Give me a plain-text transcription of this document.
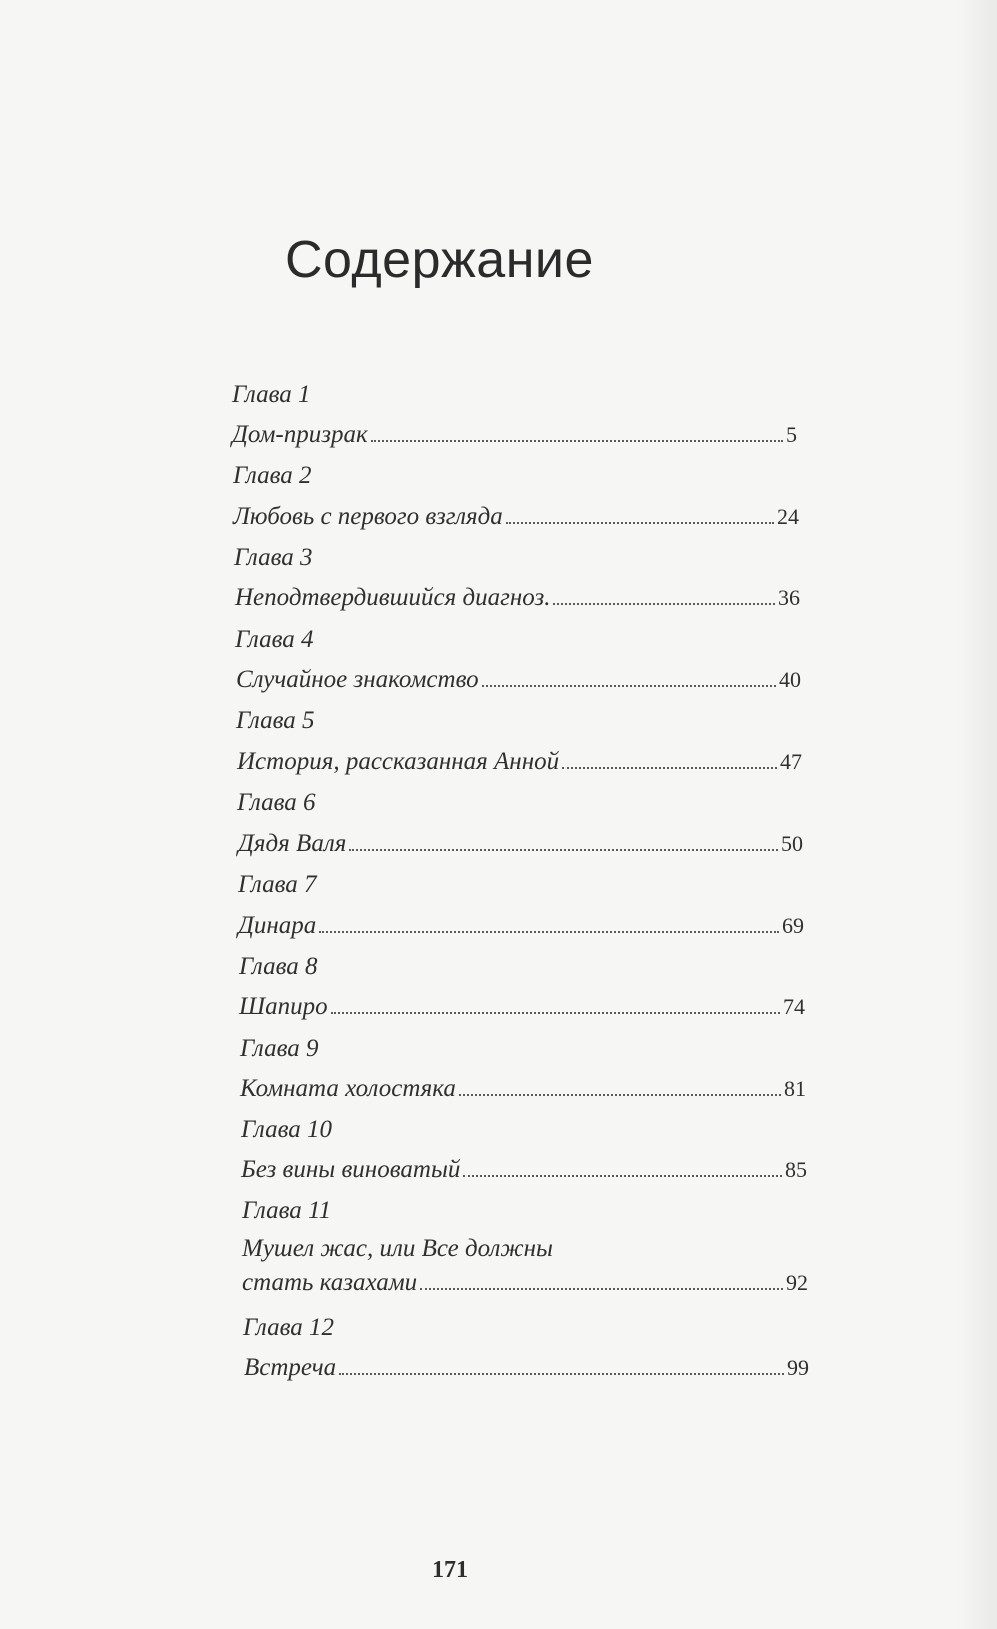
Содержание
Глава 1
Дом-призрак	5
Глава 2
Любовь с первого взгляда	24
Глава 3
Неподтвердившийся диагноз.	36
Глава 4
Случайное знакомство	40
Глава 5
История, рассказанная Анной	47
Глава 6
Дядя Валя	50
Глава 7
Динара	69
Глава 8
Шапиро	74
Глава 9
Комната холостяка	81
Глава 10
Без вины виноватый	85
Глава 11
Мушел жас, или Все должны
стать казахами	92
Глава 12
Встреча	99
171
